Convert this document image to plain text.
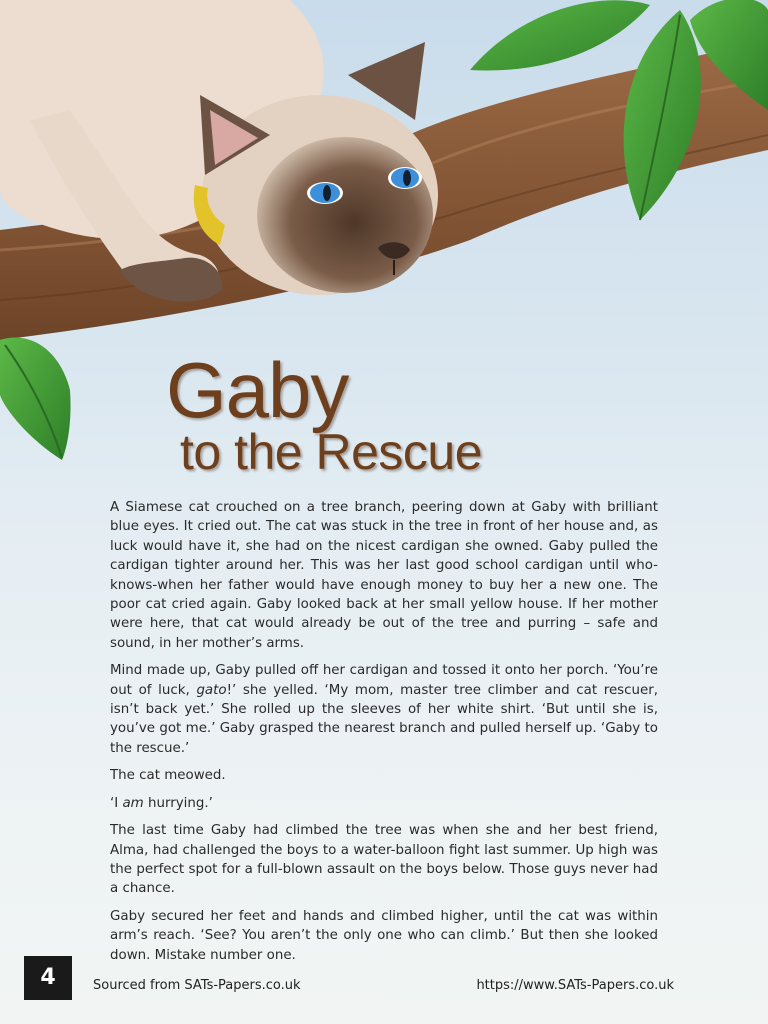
Gaby
to the Rescue

A Siamese cat crouched on a tree branch, peering down at Gaby with brilliant blue eyes. It cried out. The cat was stuck in the tree in front of her house and, as luck would have it, she had on the nicest cardigan she owned. Gaby pulled the cardigan tighter around her. This was her last good school cardigan until who-knows-when her father would have enough money to buy her a new one. The poor cat cried again. Gaby looked back at her small yellow house. If her mother were here, that cat would already be out of the tree and purring – safe and sound, in her mother’s arms.

Mind made up, Gaby pulled off her cardigan and tossed it onto her porch. ‘You’re out of luck, gato!’ she yelled. ‘My mom, master tree climber and cat rescuer, isn’t back yet.’ She rolled up the sleeves of her white shirt. ‘But until she is, you’ve got me.’ Gaby grasped the nearest branch and pulled herself up. ‘Gaby to the rescue.’

The cat meowed.

‘I am hurrying.’

The last time Gaby had climbed the tree was when she and her best friend, Alma, had challenged the boys to a water-balloon fight last summer. Up high was the perfect spot for a full-blown assault on the boys below. Those guys never had a chance.

Gaby secured her feet and hands and climbed higher, until the cat was within arm’s reach. ‘See? You aren’t the only one who can climb.’ But then she looked down. Mistake number one.

4	Sourced from SATs-Papers.co.uk	https://www.SATs-Papers.co.uk
